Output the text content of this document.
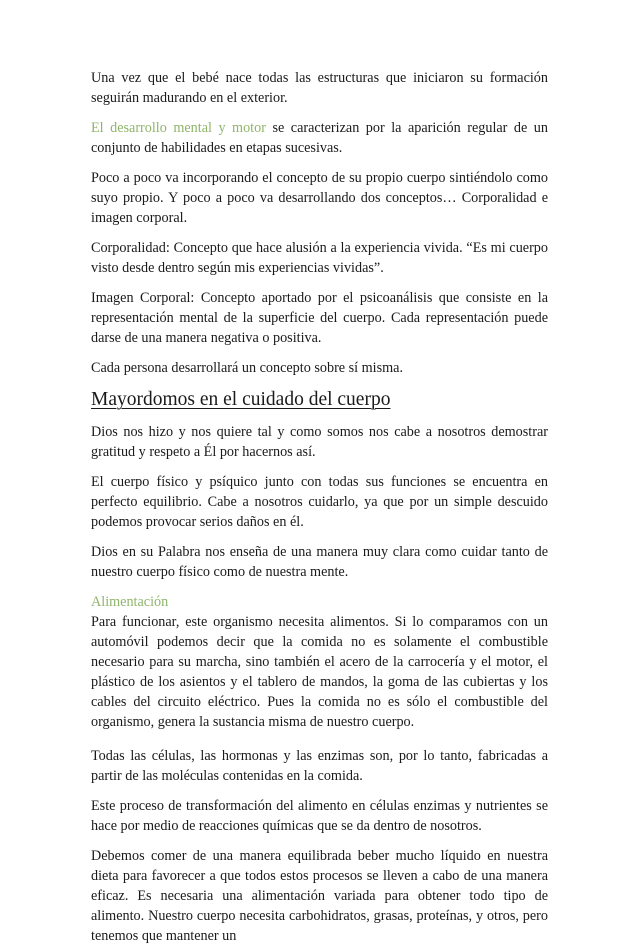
Una vez que el bebé nace todas las estructuras que iniciaron su formación seguirán madurando en el exterior.

El desarrollo mental y motor se caracterizan por la aparición regular de un conjunto de habilidades en etapas sucesivas.

Poco a poco va incorporando el concepto de su propio cuerpo sintiéndolo como suyo propio. Y poco a poco va desarrollando dos conceptos… Corporalidad e imagen corporal.

Corporalidad: Concepto que hace alusión a la experiencia vivida. “Es mi cuerpo visto desde dentro según mis experiencias vividas”.

Imagen Corporal: Concepto aportado por el psicoanálisis que consiste en la representación mental de la superficie del cuerpo. Cada representación puede darse de una manera negativa o positiva.

Cada persona desarrollará un concepto sobre sí misma.

Mayordomos en el cuidado del cuerpo

Dios nos hizo y nos quiere tal y como somos nos cabe a nosotros demostrar gratitud y respeto a Él por hacernos así.

El cuerpo físico y psíquico junto con todas sus funciones se encuentra en perfecto equilibrio. Cabe a nosotros cuidarlo, ya que por un simple descuido podemos provocar serios daños en él.

Dios en su Palabra nos enseña de una manera muy clara como cuidar tanto de nuestro cuerpo físico como de nuestra mente.

Alimentación

Para funcionar, este organismo necesita alimentos. Si lo comparamos con un automóvil podemos decir que la comida no es solamente el combustible necesario para su marcha, sino también el acero de la carrocería y el motor, el plástico de los asientos y el tablero de mandos, la goma de las cubiertas y los cables del circuito eléctrico. Pues la comida no es sólo el combustible del organismo, genera la sustancia misma de nuestro cuerpo.

Todas las células, las hormonas y las enzimas son, por lo tanto, fabricadas a partir de las moléculas contenidas en la comida.

Este proceso de transformación del alimento en células enzimas y nutrientes se hace por medio de reacciones químicas que se da dentro de nosotros.

Debemos comer de una manera equilibrada beber mucho líquido en nuestra dieta para favorecer a que todos estos procesos se lleven a cabo de una manera eficaz. Es necesaria una alimentación variada para obtener todo tipo de alimento. Nuestro cuerpo necesita carbohidratos, grasas, proteínas, y otros, pero tenemos que mantener un
